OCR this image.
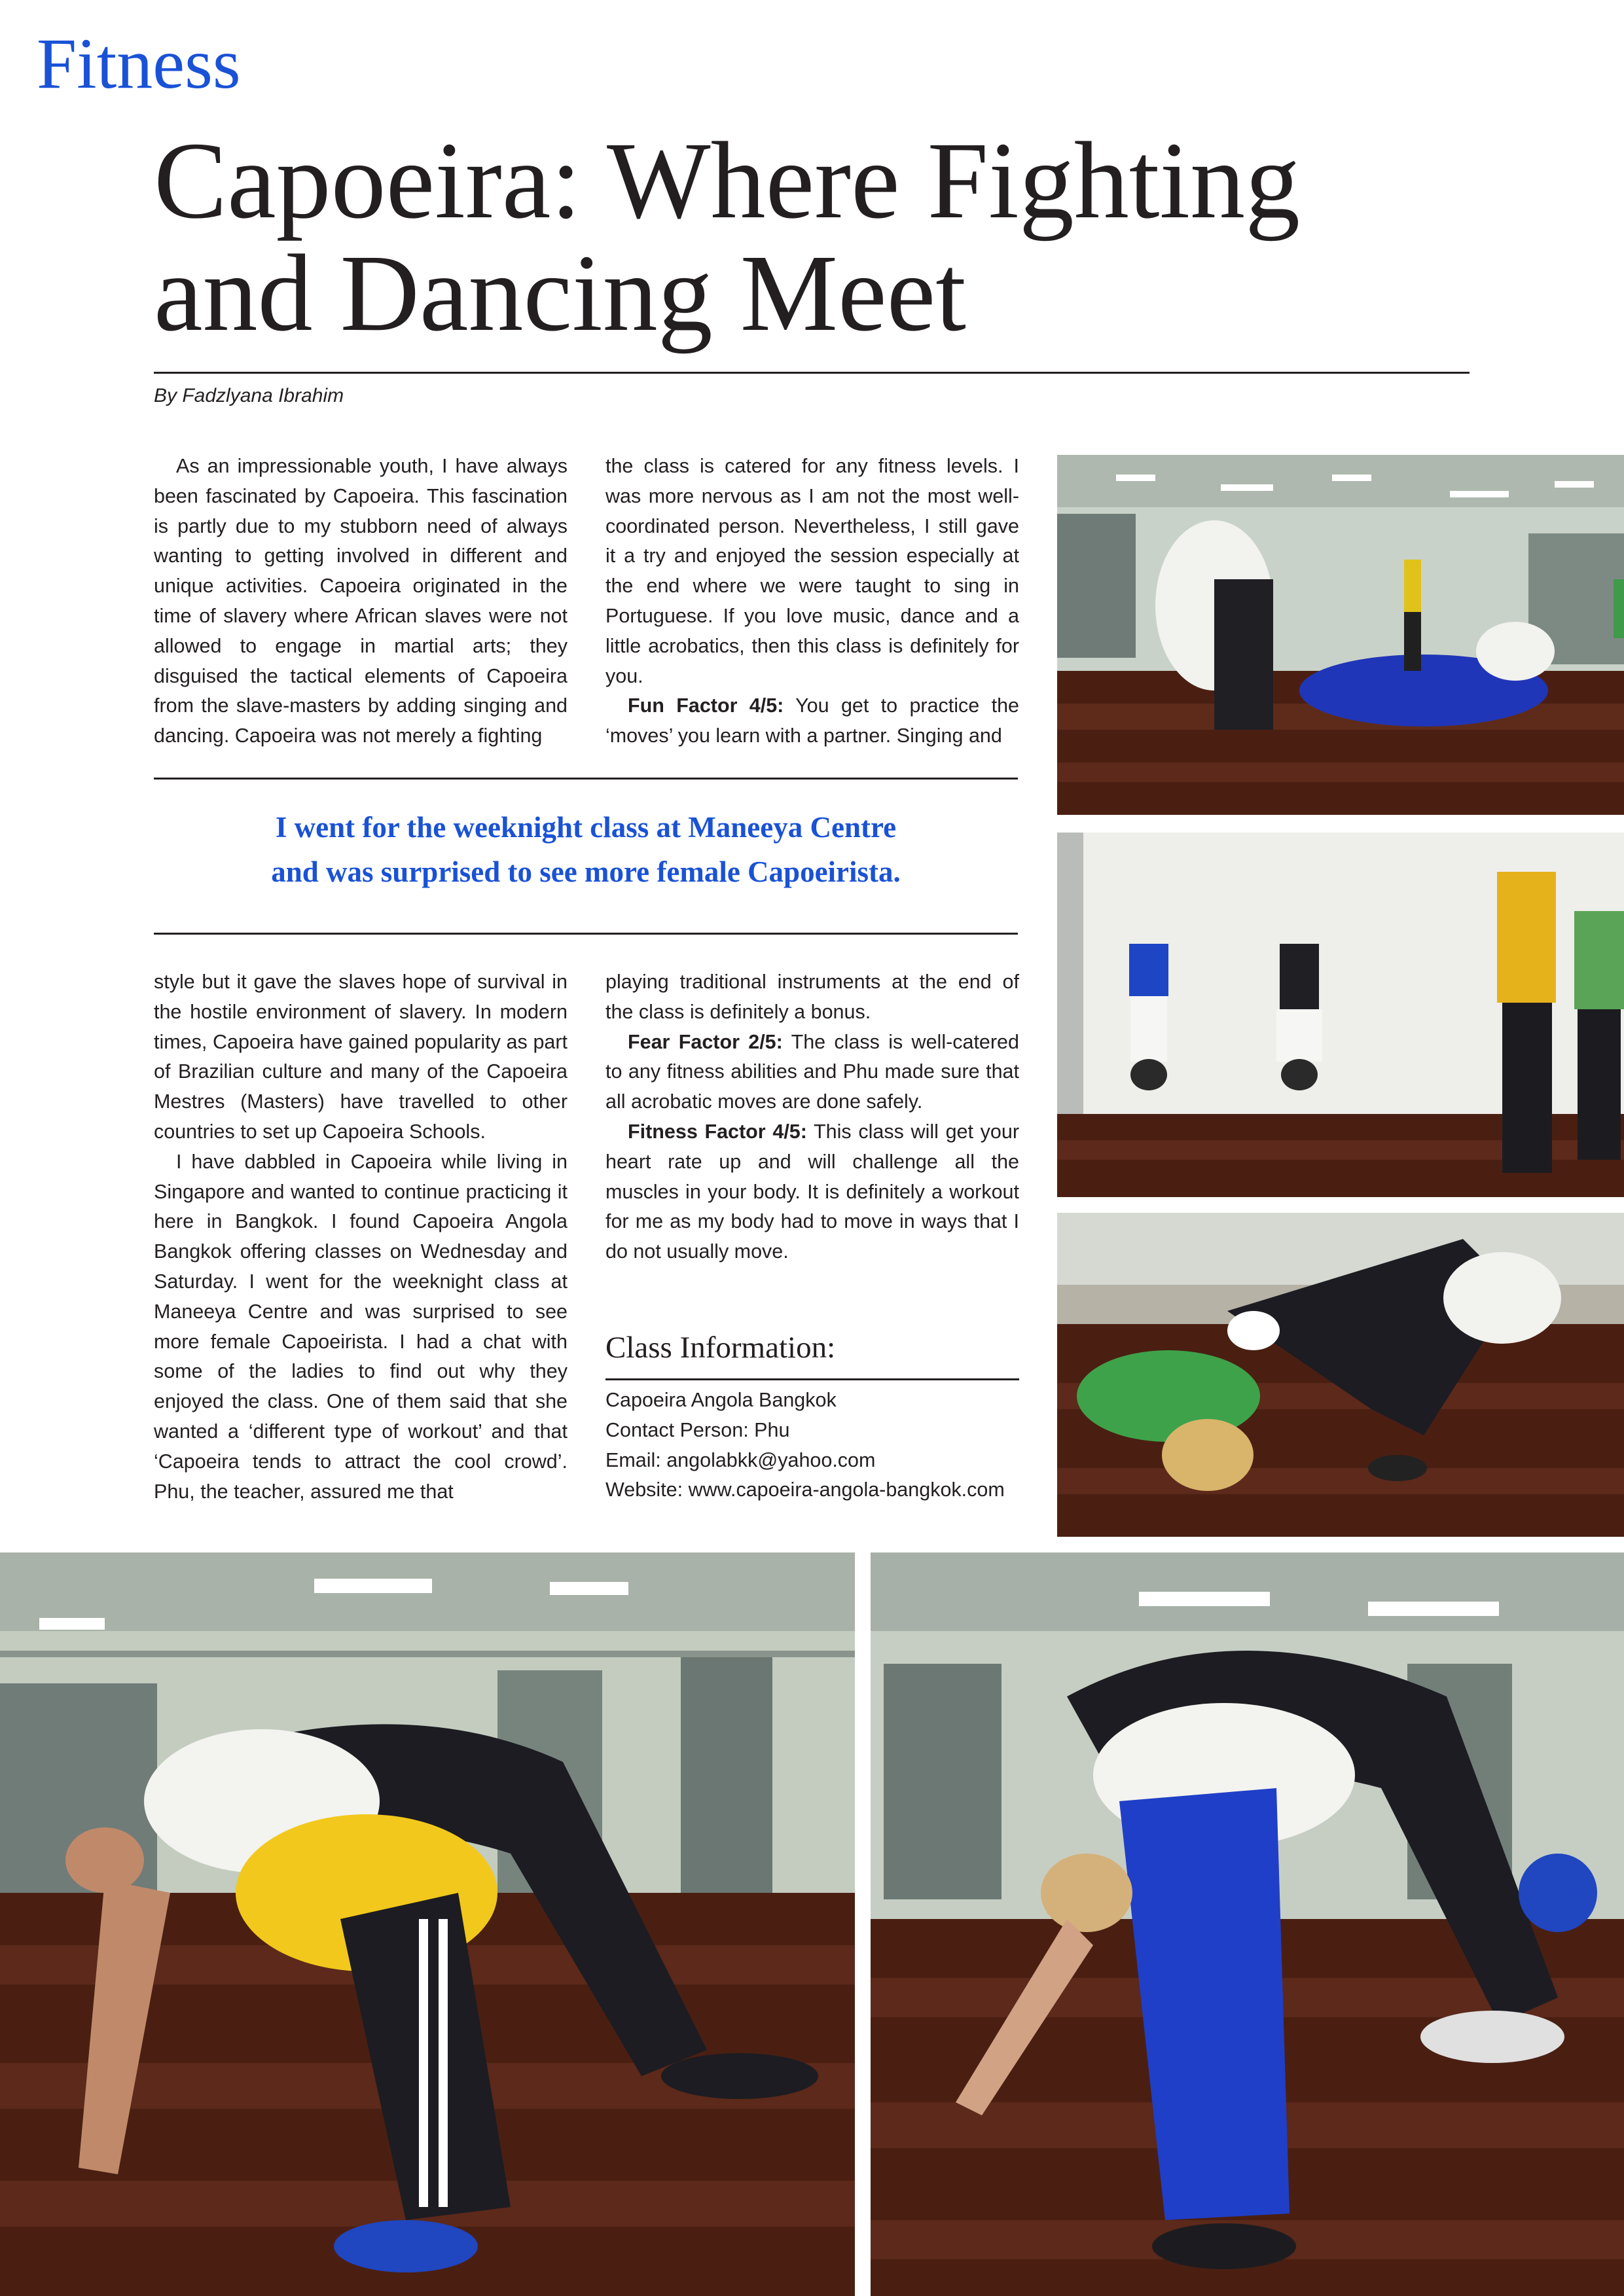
Fitness
Capoeira: Where Fighting
and Dancing Meet

By Fadzlyana Ibrahim

As an impressionable youth, I have always been fascinated by Capoeira. This fascination is partly due to my stubborn need of always wanting to getting involved in different and unique activities. Capoeira originated in the time of slavery where African slaves were not allowed to engage in martial arts; they disguised the tactical elements of Capoeira from the slave-masters by adding singing and dancing. Capoeira was not merely a fighting

the class is catered for any fitness levels. I was more nervous as I am not the most well-coordinated person. Nevertheless, I still gave it a try and enjoyed the session especially at the end where we were taught to sing in Portuguese. If you love music, dance and a little acrobatics, then this class is definitely for you.

Fun Factor 4/5: You get to practice the ‘moves’ you learn with a partner. Singing and

I went for the weeknight class at Maneeya Centre
and was surprised to see more female Capoeirista.

style but it gave the slaves hope of survival in the hostile environment of slavery. In modern times, Capoeira have gained popularity as part of Brazilian culture and many of the Capoeira Mestres (Masters) have travelled to other countries to set up Capoeira Schools.

I have dabbled in Capoeira while living in Singapore and wanted to continue practicing it here in Bangkok. I found Capoeira Angola Bangkok offering classes on Wednesday and Saturday. I went for the weeknight class at Maneeya Centre and was surprised to see more female Capoeirista. I had a chat with some of the ladies to find out why they enjoyed the class. One of them said that she wanted a ‘different type of workout’ and that ‘Capoeira tends to attract the cool crowd’. Phu, the teacher, assured me that

playing traditional instruments at the end of the class is definitely a bonus.

Fear Factor 2/5: The class is well-catered to any fitness abilities and Phu made sure that all acrobatic moves are done safely.

Fitness Factor 4/5: This class will get your heart rate up and will challenge all the muscles in your body. It is definitely a workout for me as my body had to move in ways that I do not usually move.

Class Information:
Capoeira Angola Bangkok
Contact Person: Phu
Email: angolabkk@yahoo.com
Website: www.capoeira-angola-bangkok.com
